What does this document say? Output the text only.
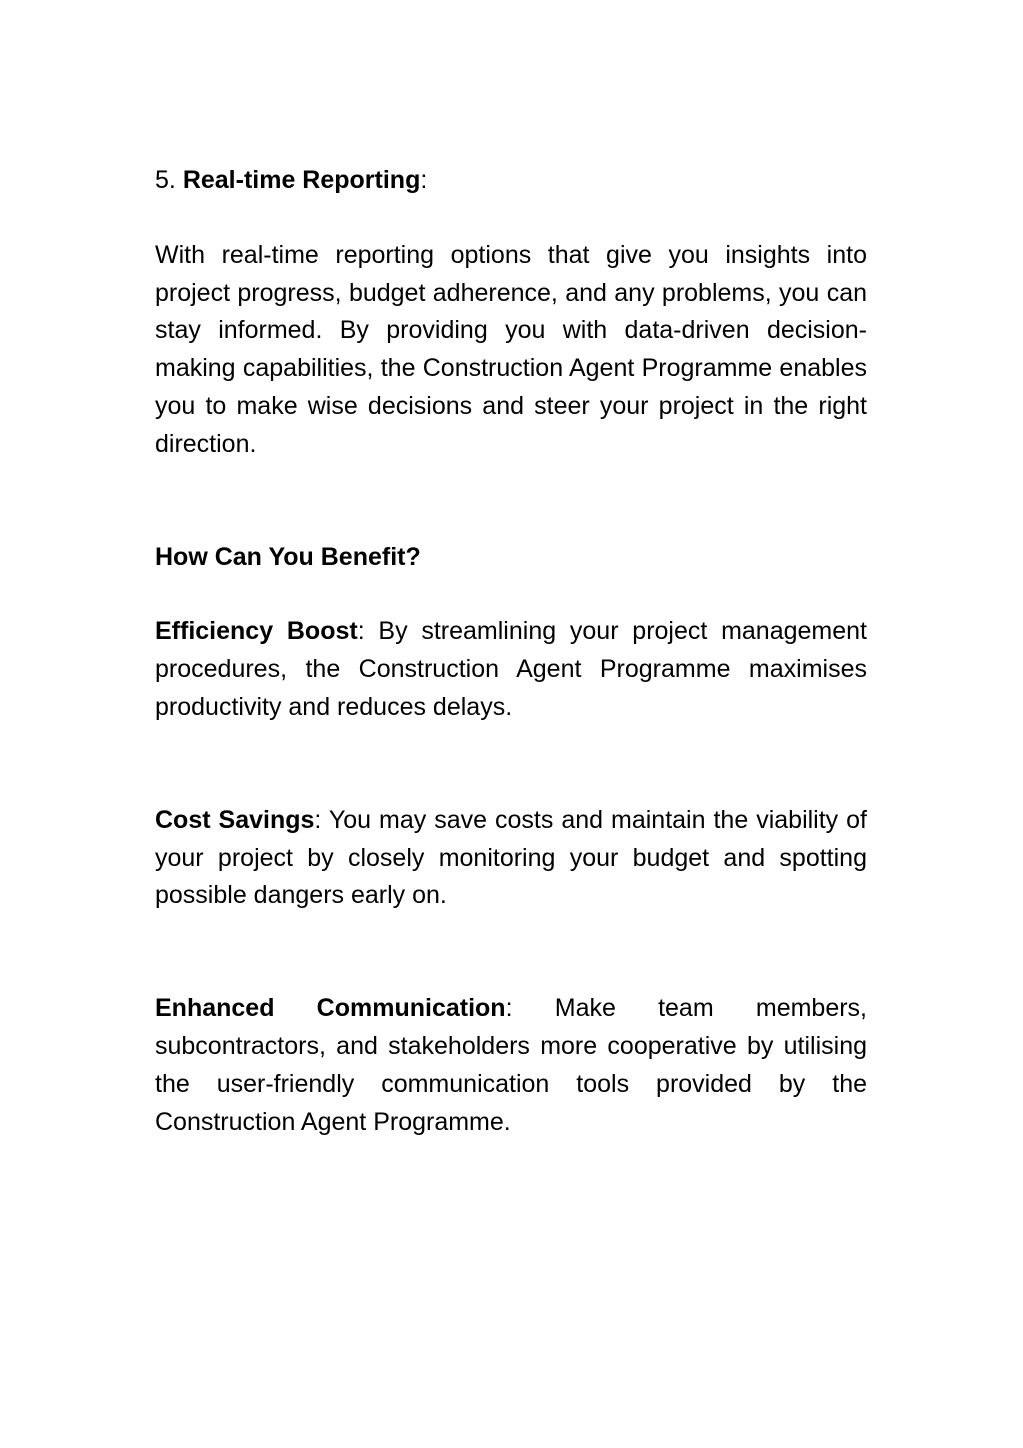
5. Real-time Reporting:

With real-time reporting options that give you insights into project progress, budget adherence, and any problems, you can stay informed. By providing you with data-driven decision-making capabilities, the Construction Agent Programme enables you to make wise decisions and steer your project in the right direction.

How Can You Benefit?

Efficiency Boost: By streamlining your project management procedures, the Construction Agent Programme maximises productivity and reduces delays.

Cost Savings: You may save costs and maintain the viability of your project by closely monitoring your budget and spotting possible dangers early on.

Enhanced Communication: Make team members, subcontractors, and stakeholders more cooperative by utilising the user-friendly communication tools provided by the Construction Agent Programme.
